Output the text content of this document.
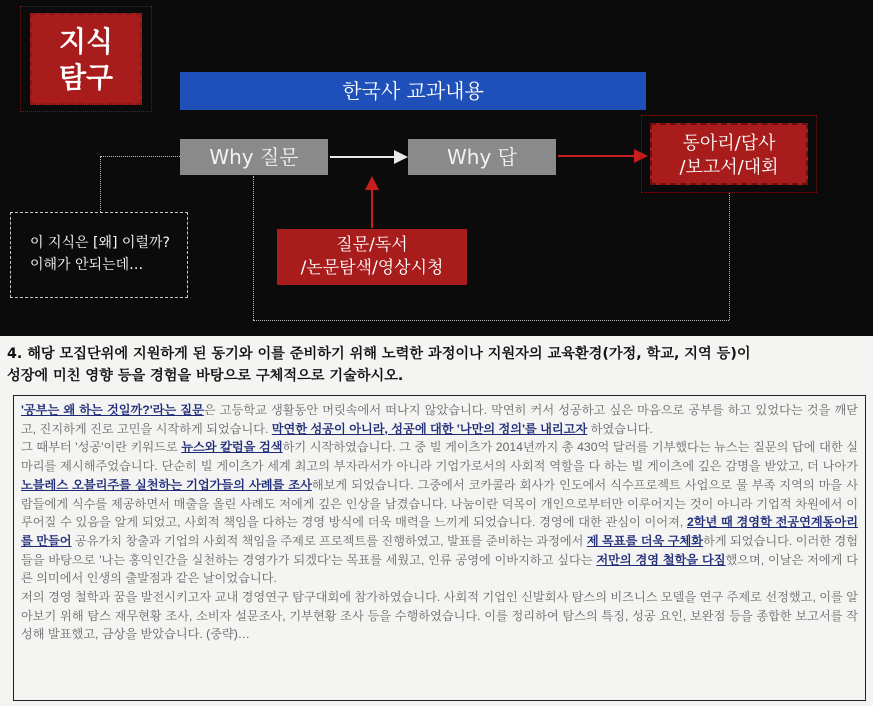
지식
탐구	한국사 교과내용
Why 질문	Why 답
동아리/답사
/보고서/대회
질문/독서
/논문탐색/영상시청
이 지식은 [왜] 이럴까?
이해가 안되는데…
4. 해당 모집단위에 지원하게 된 동기와 이를 준비하기 위해 노력한 과정이나 지원자의 교육환경(가정, 학교, 지역 등)이
성장에 미친 영향 등을 경험을 바탕으로 구체적으로 기술하시오.

'공부는 왜 하는 것일까?'라는 질문은 고등학교 생활동안 머릿속에서 떠나지 않았습니다. 막연히 커서 성공하고 싶은 마음으로 공부를 하고 있었다는 것을 깨닫고, 진지하게 진로 고민을 시작하게 되었습니다. 막연한 성공이 아니라, 성공에 대한 '나만의 정의'를 내리고자 하였습니다.

그 때부터 '성공'이란 키워드로 뉴스와 칼럼을 검색하기 시작하였습니다. 그 중 빌 게이츠가 2014년까지 총 430억 달러를 기부했다는 뉴스는 질문의 답에 대한 실마리를 제시해주었습니다. 단순히 빌 게이츠가 세계 최고의 부자라서가 아니라 기업가로서의 사회적 역할을 다 하는 빌 게이츠에 깊은 감명을 받았고, 더 나아가 노블레스 오블리주를 실천하는 기업가들의 사례를 조사해보게 되었습니다. 그중에서 코카콜라 회사가 인도에서 식수프로젝트 사업으로 물 부족 지역의 마을 사람들에게 식수를 제공하면서 매출을 올린 사례도 저에게 깊은 인상을 남겼습니다. 나눔이란 덕목이 개인으로부터만 이루어지는 것이 아니라 기업적 차원에서 이루어질 수 있음을 알게 되었고, 사회적 책임을 다하는 경영 방식에 더욱 매력을 느끼게 되었습니다. 경영에 대한 관심이 이어져, 2학년 때 경영학 전공연계동아리를 만들어 공유가치 창출과 기업의 사회적 책임을 주제로 프로젝트를 진행하였고, 발표를 준비하는 과정에서 제 목표를 더욱 구체화하게 되었습니다. 이러한 경험들을 바탕으로 '나는 홍익인간을 실천하는 경영가가 되겠다'는 목표를 세웠고, 인류 공영에 이바지하고 싶다는 저만의 경영 철학을 다짐했으며, 이날은 저에게 다른 의미에서 인생의 출발점과 같은 날이었습니다.

저의 경영 철학과 꿈을 발전시키고자 교내 경영연구 탐구대회에 참가하였습니다. 사회적 기업인 신발회사 탐스의 비즈니스 모델을 연구 주제로 선정했고, 이를 알아보기 위해 탐스 재무현황 조사, 소비자 설문조사, 기부현황 조사 등을 수행하였습니다. 이를 정리하여 탐스의 특징, 성공 요인, 보완점 등을 종합한 보고서를 작성해 발표했고, 금상을 받았습니다. (중략)…
